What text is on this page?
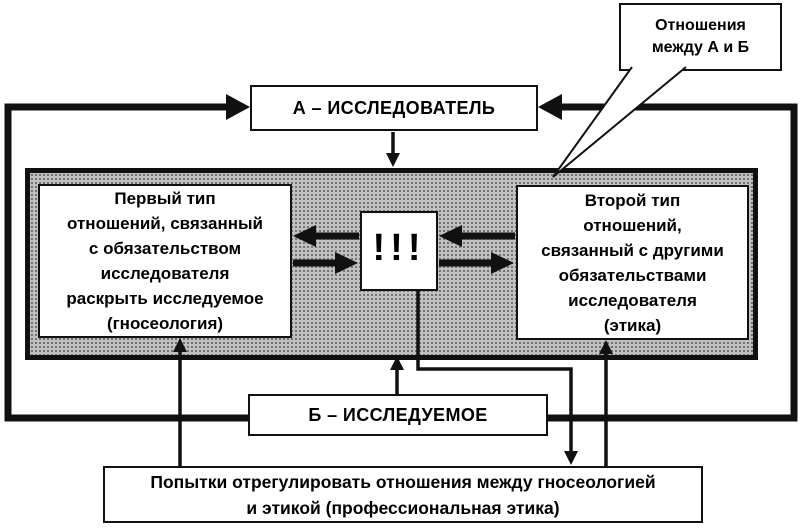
Первый тип
отношений, связанный
с обязательством
исследователя
раскрыть исследуемое
(гносеология)
Второй тип
отношений,
связанный с другими
обязательствами
исследователя
(этика)
!!!
А – ИССЛЕДОВАТЕЛЬ
Б – ИССЛЕДУЕМОЕ
Попытки отрегулировать отношения между гносеологией
и этикой (профессиональная этика)
Отношения
между А и Б
